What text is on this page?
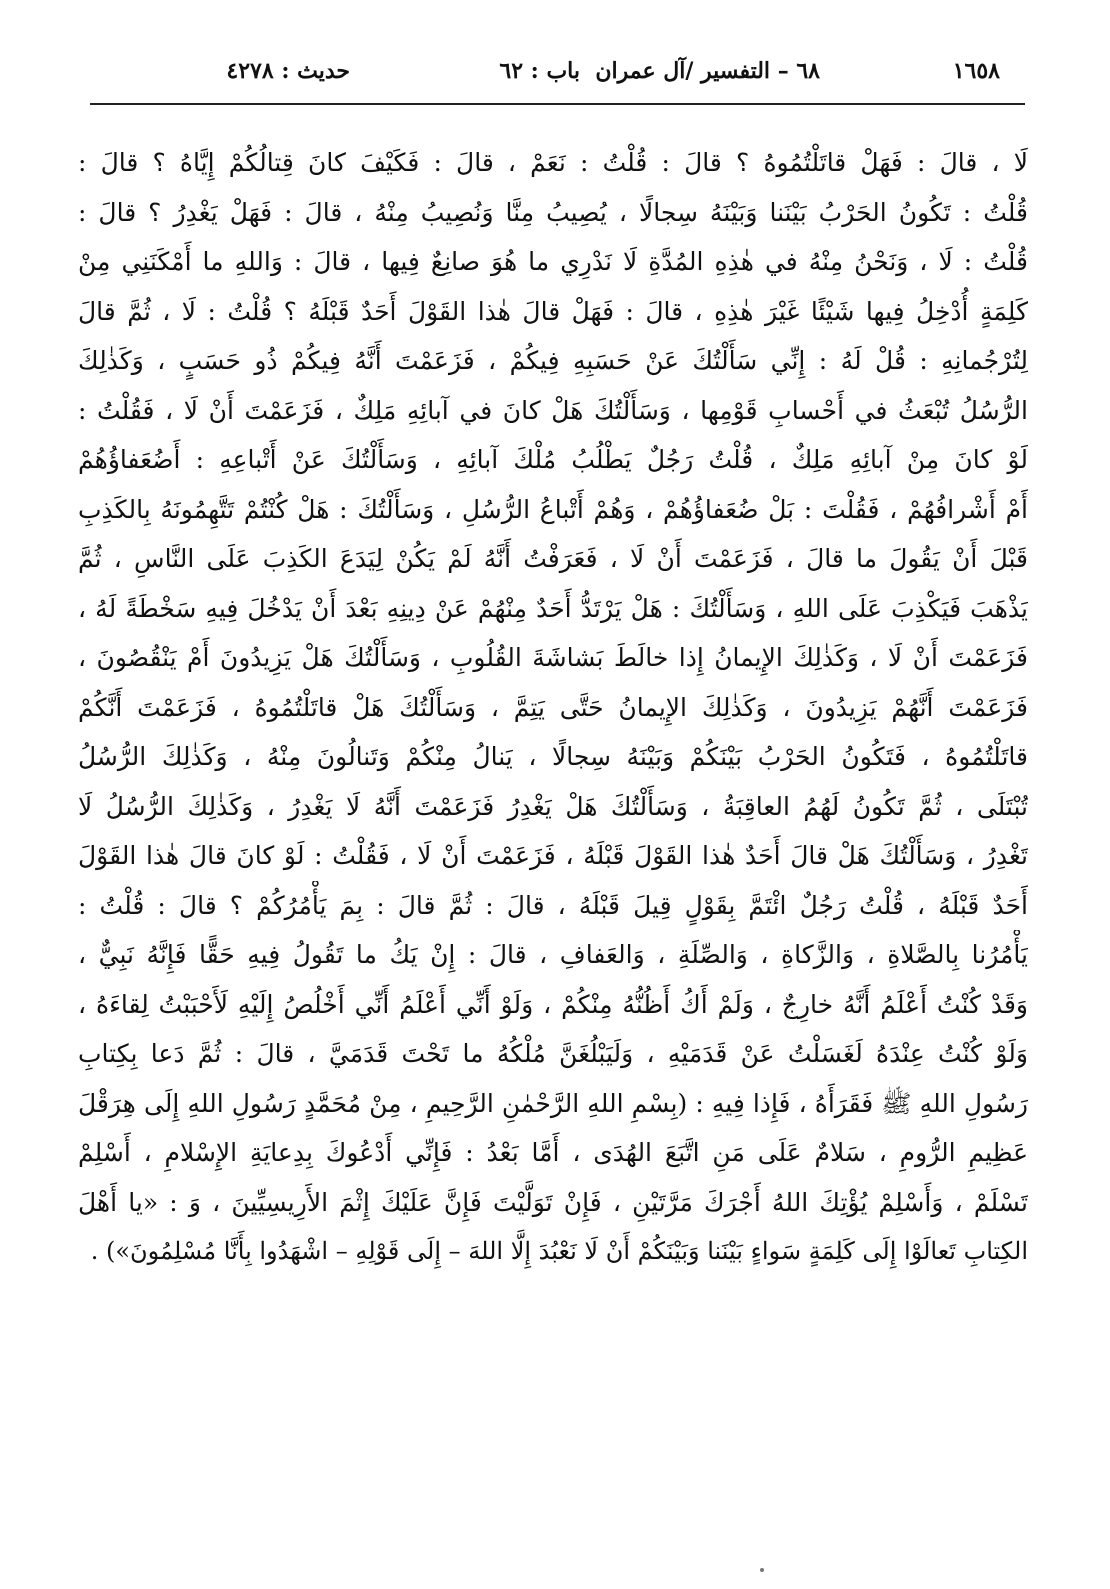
١٦٥٨
٦٨ – التفسير /آل عمران
باب : ٦٢
حديث : ٤٢٧٨
لَا ، قالَ : فَهَلْ قاتَلْتُمُوهُ ؟ قالَ : قُلْتُ : نَعَمْ ، قالَ : فَكَيْفَ كانَ قِتالُكُمْ إِيَّاهُ ؟ قالَ :
قُلْتُ : تَكُونُ الحَرْبُ بَيْنَنا وَبَيْنَهُ سِجالًا ، يُصِيبُ مِنَّا وَنُصِيبُ مِنْهُ ، قالَ : فَهَلْ يَغْدِرُ ؟ قالَ :
قُلْتُ : لَا ، وَنَحْنُ مِنْهُ في هٰذِهِ المُدَّةِ لَا نَدْرِي ما هُوَ صانِعٌ فِيها ، قالَ : وَاللهِ ما أَمْكَنَنِي مِنْ
كَلِمَةٍ أُدْخِلُ فِيها شَيْئًا غَيْرَ هٰذِهِ ، قالَ : فَهَلْ قالَ هٰذا القَوْلَ أَحَدٌ قَبْلَهُ ؟ قُلْتُ : لَا ، ثُمَّ قالَ
لِتُرْجُمانِهِ : قُلْ لَهُ : إِنِّي سَأَلْتُكَ عَنْ حَسَبِهِ فِيكُمْ ، فَزَعَمْتَ أَنَّهُ فِيكُمْ ذُو حَسَبٍ ، وَكَذٰلِكَ
الرُّسُلُ تُبْعَثُ في أَحْسابِ قَوْمِها ، وَسَأَلْتُكَ هَلْ كانَ في آبائِهِ مَلِكٌ ، فَزَعَمْتَ أَنْ لَا ، فَقُلْتُ :
لَوْ كانَ مِنْ آبائِهِ مَلِكٌ ، قُلْتُ رَجُلٌ يَطْلُبُ مُلْكَ آبائِهِ ، وَسَأَلْتُكَ عَنْ أَتْباعِهِ : أَضُعَفاؤُهُمْ
أَمْ أَشْرافُهُمْ ، فَقُلْتَ : بَلْ ضُعَفاؤُهُمْ ، وَهُمْ أَتْباعُ الرُّسُلِ ، وَسَأَلْتُكَ : هَلْ كُنْتُمْ تَتَّهِمُونَهُ بِالكَذِبِ
قَبْلَ أَنْ يَقُولَ ما قالَ ، فَزَعَمْتَ أَنْ لَا ، فَعَرَفْتُ أَنَّهُ لَمْ يَكُنْ لِيَدَعَ الكَذِبَ عَلَى النَّاسِ ، ثُمَّ
يَذْهَبَ فَيَكْذِبَ عَلَى اللهِ ، وَسَأَلْتُكَ : هَلْ يَرْتَدُّ أَحَدٌ مِنْهُمْ عَنْ دِينِهِ بَعْدَ أَنْ يَدْخُلَ فِيهِ سَخْطَةً لَهُ ،
فَزَعَمْتَ أَنْ لَا ، وَكَذٰلِكَ الإِيمانُ إِذا خالَطَ بَشاشَةَ القُلُوبِ ، وَسَأَلْتُكَ هَلْ يَزِيدُونَ أَمْ يَنْقُصُونَ ،
فَزَعَمْتَ أَنَّهُمْ يَزِيدُونَ ، وَكَذٰلِكَ الإِيمانُ حَتَّى يَتِمَّ ، وَسَأَلْتُكَ هَلْ قاتَلْتُمُوهُ ، فَزَعَمْتَ أَنَّكُمْ
قاتَلْتُمُوهُ ، فَتَكُونُ الحَرْبُ بَيْنَكُمْ وَبَيْنَهُ سِجالًا ، يَنالُ مِنْكُمْ وَتَنالُونَ مِنْهُ ، وَكَذٰلِكَ الرُّسُلُ
تُبْتَلَى ، ثُمَّ تَكُونُ لَهُمُ العاقِبَةُ ، وَسَأَلْتُكَ هَلْ يَغْدِرُ فَزَعَمْتَ أَنَّهُ لَا يَغْدِرُ ، وَكَذٰلِكَ الرُّسُلُ لَا
تَغْدِرُ ، وَسَأَلْتُكَ هَلْ قالَ أَحَدٌ هٰذا القَوْلَ قَبْلَهُ ، فَزَعَمْتَ أَنْ لَا ، فَقُلْتُ : لَوْ كانَ قالَ هٰذا القَوْلَ
أَحَدٌ قَبْلَهُ ، قُلْتُ رَجُلٌ ائْتَمَّ بِقَوْلٍ قِيلَ قَبْلَهُ ، قالَ : ثُمَّ قالَ : بِمَ يَأْمُرُكُمْ ؟ قالَ : قُلْتُ :
يَأْمُرُنا بِالصَّلاةِ ، وَالزَّكاةِ ، وَالصِّلَةِ ، وَالعَفافِ ، قالَ : إِنْ يَكُ ما تَقُولُ فِيهِ حَقًّا فَإِنَّهُ نَبِيٌّ ،
وَقَدْ كُنْتُ أَعْلَمُ أَنَّهُ خارِجٌ ، وَلَمْ أَكُ أَظُنُّهُ مِنْكُمْ ، وَلَوْ أَنِّي أَعْلَمُ أَنِّي أَخْلُصُ إِلَيْهِ لَأَحْبَبْتُ لِقاءَهُ ،
وَلَوْ كُنْتُ عِنْدَهُ لَغَسَلْتُ عَنْ قَدَمَيْهِ ، وَلَيَبْلُغَنَّ مُلْكُهُ ما تَحْتَ قَدَمَيَّ ، قالَ : ثُمَّ دَعا بِكِتابِ
رَسُولِ اللهِ ﷺ فَقَرَأَهُ ، فَإِذا فِيهِ : (بِسْمِ اللهِ الرَّحْمٰنِ الرَّحِيمِ ، مِنْ مُحَمَّدٍ رَسُولِ اللهِ إِلَى هِرَقْلَ
عَظِيمِ الرُّومِ ، سَلامٌ عَلَى مَنِ اتَّبَعَ الهُدَى ، أَمَّا بَعْدُ : فَإِنِّي أَدْعُوكَ بِدِعايَةِ الإِسْلامِ ، أَسْلِمْ
تَسْلَمْ ، وَأَسْلِمْ يُؤْتِكَ اللهُ أَجْرَكَ مَرَّتَيْنِ ، فَإِنْ تَوَلَّيْتَ فَإِنَّ عَلَيْكَ إِثْمَ الأَرِيسِيِّينَ ، وَ : «يا أَهْلَ
الكِتابِ تَعالَوْا إِلَى كَلِمَةٍ سَواءٍ بَيْنَنا وَبَيْنَكُمْ أَنْ لَا نَعْبُدَ إِلَّا اللهَ – إِلَى قَوْلِهِ – اشْهَدُوا بِأَنَّا مُسْلِمُونَ») .
